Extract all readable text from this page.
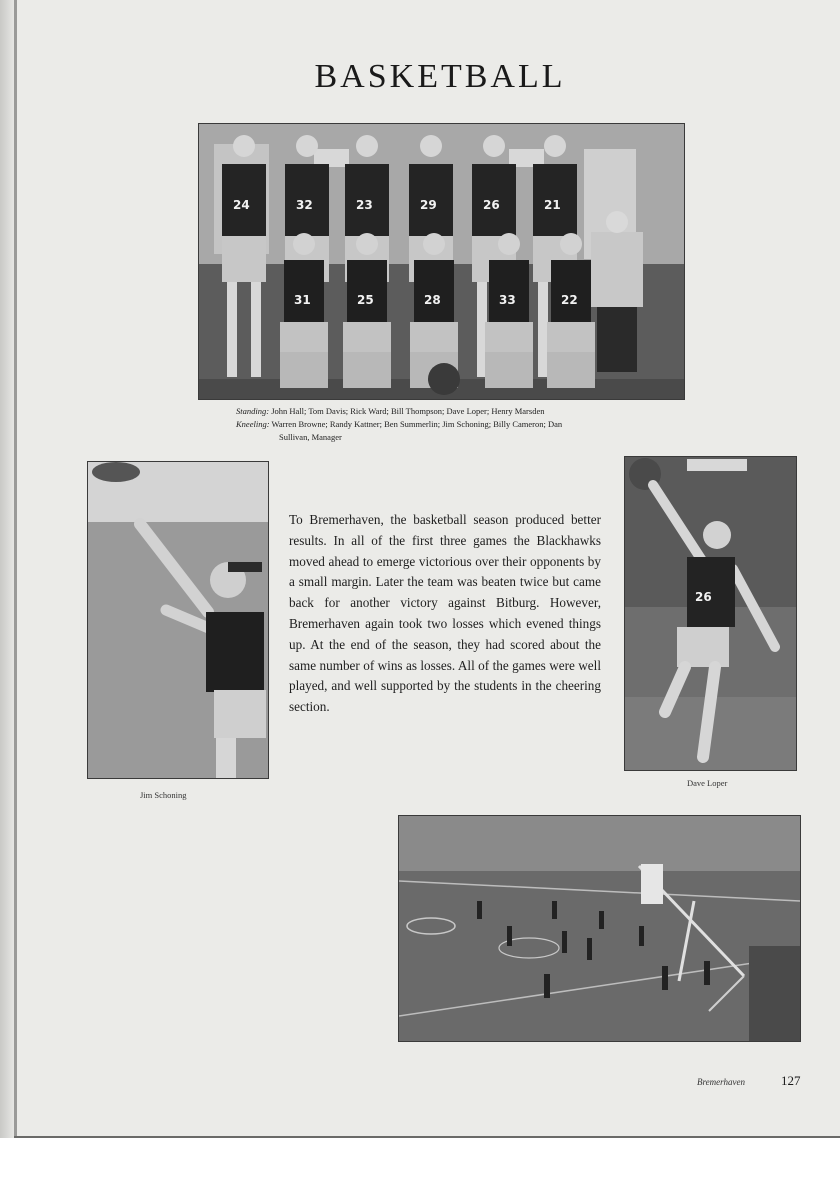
BASKETBALL
24	32	23	29	26	21
31	25	28	33	22
Standing: John Hall; Tom Davis; Rick Ward; Bill Thompson; Dave Loper; Henry Marsden
Kneeling: Warren Browne; Randy Kattner; Ben Summerlin; Jim Schoning; Billy Cameron; Dan
Sullivan, Manager
Jim Schoning
To Bremerhaven, the basketball season produced better results. In all of the first three games the Blackhawks moved ahead to emerge victorious over their opponents by a small margin. Later the team was beaten twice but came back for another victory against Bitburg. However, Bremerhaven again took two losses which evened things up. At the end of the season, they had scored about the same number of wins as losses. All of the games were well played, and well supported by the students in the cheering section.
26
Dave Loper
Bremerhaven	127
